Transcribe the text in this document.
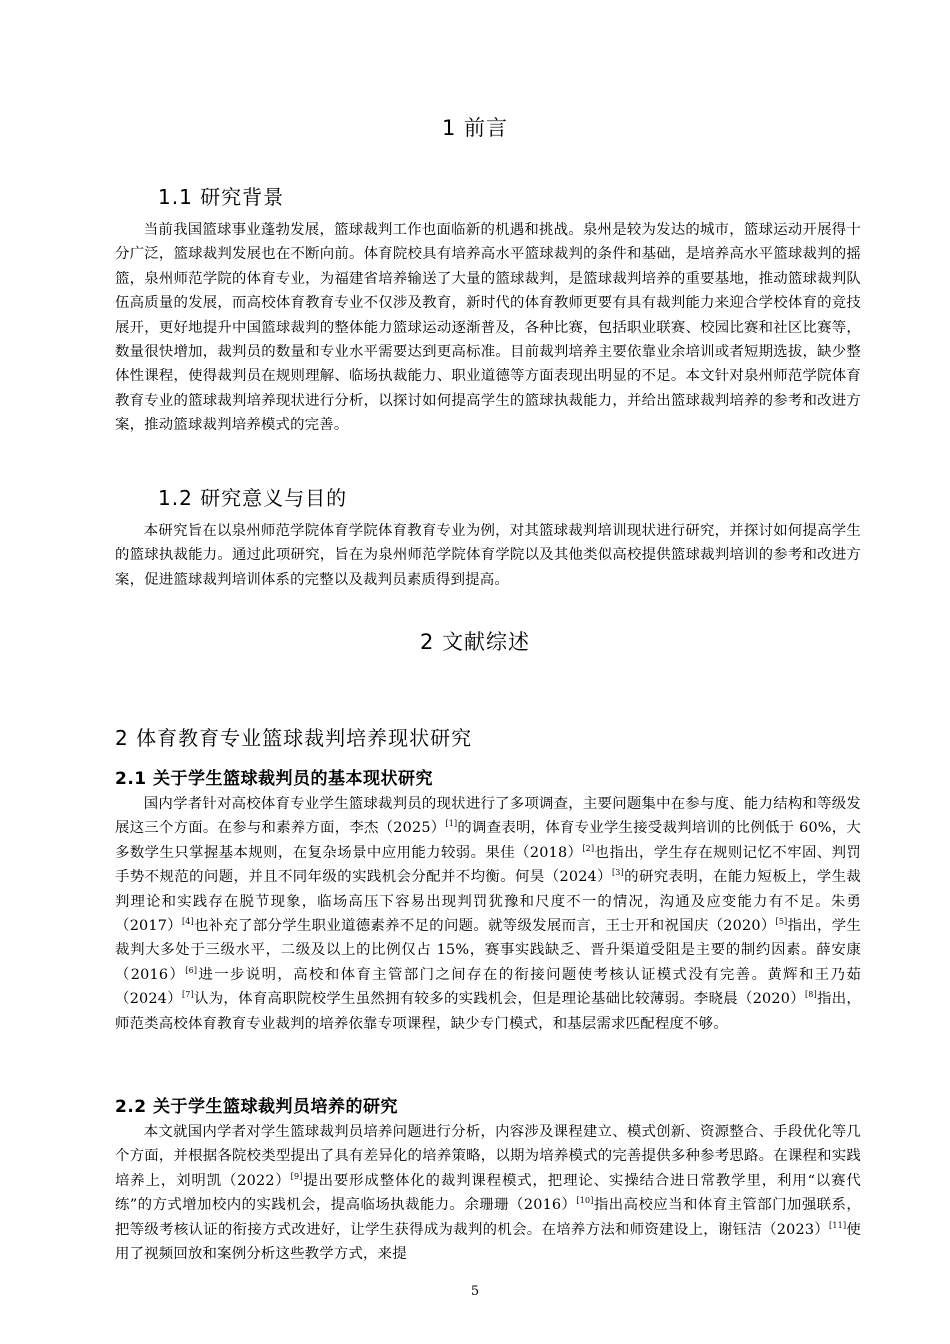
1 前言
1.1 研究背景

当前我国篮球事业蓬勃发展，篮球裁判工作也面临新的机遇和挑战。泉州是较为发达的城市，篮球运动开展得十分广泛，篮球裁判发展也在不断向前。体育院校具有培养高水平篮球裁判的条件和基础，是培养高水平篮球裁判的摇篮，泉州师范学院的体育专业，为福建省培养输送了大量的篮球裁判，是篮球裁判培养的重要基地，推动篮球裁判队伍高质量的发展，而高校体育教育专业不仅涉及教育，新时代的体育教师更要有具有裁判能力来迎合学校体育的竞技展开，更好地提升中国篮球裁判的整体能力篮球运动逐渐普及，各种比赛，包括职业联赛、校园比赛和社区比赛等，数量很快增加，裁判员的数量和专业水平需要达到更高标准。目前裁判培养主要依靠业余培训或者短期选拔，缺少整体性课程，使得裁判员在规则理解、临场执裁能力、职业道德等方面表现出明显的不足。本文针对泉州师范学院体育教育专业的篮球裁判培养现状进行分析，以探讨如何提高学生的篮球执裁能力，并给出篮球裁判培养的参考和改进方案，推动篮球裁判培养模式的完善。

1.2 研究意义与目的

本研究旨在以泉州师范学院体育学院体育教育专业为例，对其篮球裁判培训现状进行研究，并探讨如何提高学生的篮球执裁能力。通过此项研究，旨在为泉州师范学院体育学院以及其他类似高校提供篮球裁判培训的参考和改进方案，促进篮球裁判培训体系的完整以及裁判员素质得到提高。

2 文献综述
2 体育教育专业篮球裁判培养现状研究
2.1 关于学生篮球裁判员的基本现状研究

国内学者针对高校体育专业学生篮球裁判员的现状进行了多项调查，主要问题集中在参与度、能力结构和等级发展这三个方面。在参与和素养方面，李杰（2025）[1]的调查表明，体育专业学生接受裁判培训的比例低于 60%，大多数学生只掌握基本规则，在复杂场景中应用能力较弱。果佳（2018）[2]也指出，学生存在规则记忆不牢固、判罚手势不规范的问题，并且不同年级的实践机会分配并不均衡。何昊（2024）[3]的研究表明，在能力短板上，学生裁判理论和实践存在脱节现象，临场高压下容易出现判罚犹豫和尺度不一的情况，沟通及应变能力有不足。朱勇（2017）[4]也补充了部分学生职业道德素养不足的问题。就等级发展而言，王士开和祝国庆（2020）[5]指出，学生裁判大多处于三级水平，二级及以上的比例仅占 15%，赛事实践缺乏、晋升渠道受阻是主要的制约因素。薛安康（2016）[6]进一步说明，高校和体育主管部门之间存在的衔接问题使考核认证模式没有完善。黄辉和王乃茹（2024）[7]认为，体育高职院校学生虽然拥有较多的实践机会，但是理论基础比较薄弱。李晓晨（2020）[8]指出，师范类高校体育教育专业裁判的培养依靠专项课程，缺少专门模式，和基层需求匹配程度不够。

2.2 关于学生篮球裁判员培养的研究

本文就国内学者对学生篮球裁判员培养问题进行分析，内容涉及课程建立、模式创新、资源整合、手段优化等几个方面，并根据各院校类型提出了具有差异化的培养策略，以期为培养模式的完善提供多种参考思路。在课程和实践培养上，刘明凯（2022）[9]提出要形成整体化的裁判课程模式，把理论、实操结合进日常教学里，利用“以赛代练”的方式增加校内的实践机会，提高临场执裁能力。余珊珊（2016）[10]指出高校应当和体育主管部门加强联系，把等级考核认证的衔接方式改进好，让学生获得成为裁判的机会。在培养方法和师资建设上，谢钰洁（2023）[11]使用了视频回放和案例分析这些教学方式，来提

5
